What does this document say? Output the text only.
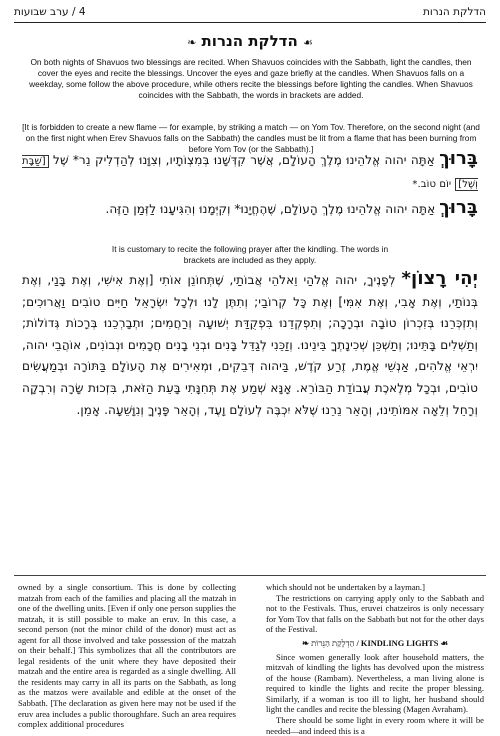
4 / ערב שבועות	הדלקת הנרות
☙ הדלקת הנרות ❧

On both nights of Shavuos two blessings are recited. When Shavuos coincides with the Sabbath, light the candles, then cover the eyes and recite the blessings. Uncover the eyes and gaze briefly at the candles. When Shavuos falls on a weekday, some follow the above procedure, while others recite the blessings before lighting the candles. When Shavuos coincides with the Sabbath, the words in brackets are added.

[It is forbidden to create a new flame — for example, by striking a match — on Yom Tov. Therefore, on the second night (and on the first night when Erev Shavuos falls on the Sabbath) the candles must be lit from a flame that has been burning from before Yom Tov (or the Sabbath).]	בָּרוּךְ אַתָּה יהוה אֱלֹהֵינוּ מֶלֶךְ הָעוֹלָם, אֲשֶׁר קִדְּשָׁנוּ בְּמִצְוֹתָיו, וְצִוָּנוּ לְהַדְלִיק נֵר* שֶׁל [שַׁבָּת וְשֶׁל] יוֹם טוֹב.*

בָּרוּךְ אַתָּה יהוה אֱלֹהֵינוּ מֶלֶךְ הָעוֹלָם, שֶׁהֶחֱיָנוּ* וְקִיְּמָנוּ וְהִגִּיעָנוּ לַזְּמַן הַזֶּה.

It is customary to recite the following prayer after the kindling. The words in brackets are included as they apply.

יְהִי רָצוֹן* לְפָנֶיךָ, יהוה אֱלֹהַי וֵאלֹהֵי אֲבוֹתַי, שֶׁתְּחוֹנֵן אוֹתִי [וְאֶת אִישִׁי, וְאֶת בָּנַי, וְאֶת בְּנוֹתַי, וְאֶת אָבִי, וְאֶת אִמִּי] וְאֶת כָּל קְרוֹבַי; וְתִתֶּן לָנוּ וּלְכָל יִשְׂרָאֵל חַיִּים טוֹבִים וַאֲרוּכִים; וְתִזְכְּרֵנוּ בְּזִכְרוֹן טוֹבָה וּבְרָכָה; וְתִפְקְדֵנוּ בִּפְקֻדַּת יְשׁוּעָה וְרַחֲמִים; וּתְבָרְכֵנוּ בְּרָכוֹת גְּדוֹלוֹת; וְתַשְׁלִים בָּתֵּינוּ; וְתַשְׁכֵּן שְׁכִינָתְךָ בֵּינֵינוּ. וְזַכֵּנִי לְגַדֵּל בָּנִים וּבְנֵי בָנִים חֲכָמִים וּנְבוֹנִים, אוֹהֲבֵי יהוה, יִרְאֵי אֱלֹהִים, אַנְשֵׁי אֱמֶת, זֶרַע קֹדֶשׁ, בַּיהוה דְּבֵקִים, וּמְאִירִים אֶת הָעוֹלָם בַּתּוֹרָה וּבְמַעֲשִׂים טוֹבִים, וּבְכָל מְלֶאכֶת עֲבוֹדַת הַבּוֹרֵא. אָנָּא שְׁמַע אֶת תְּחִנָּתִי בָּעֵת הַזֹּאת, בִּזְכוּת שָׂרָה וְרִבְקָה וְרָחֵל וְלֵאָה אִמּוֹתֵינוּ, וְהָאֵר נֵרֵנוּ שֶׁלֹּא יִכְבֶּה לְעוֹלָם וָעֶד, וְהָאֵר פָּנֶיךָ וְנִוָּשֵׁעָה. אָמֵן.

owned by a single consortium. This is done by collecting matzah from each of the families and placing all the matzah in one of the dwelling units. [Even if only one person supplies the matzah, it is still possible to make an eruv. In this case, a second person (not the minor child of the donor) must act as agent for all those involved and take possession of the matzah on their behalf.] This symbolizes that all the contributors are legal residents of the unit where they have deposited their matzah and the entire area is regarded as a single dwelling. All the residents may carry in all its parts on the Sabbath, as long as the matzos were available and edible at the onset of the Sabbath. [The declaration as given here may not be used if the eruv area includes a public thoroughfare. Such an area requires complex additional procedures

which should not be undertaken by a layman.]

The restrictions on carrying apply only to the Sabbath and not to the Festivals. Thus, eruvei chatzeiros is only necessary for Yom Tov that falls on the Sabbath but not for the other days of the Festival.

❧ הַדְלָקַת הַנֵּרוֹת / KINDLING LIGHTS ☙

Since women generally look after household matters, the mitzvah of kindling the lights has devolved upon the mistress of the house (Rambam). Nevertheless, a man living alone is required to kindle the lights and recite the proper blessing. Similarly, if a woman is too ill to light, her husband should light the candles and recite the blessing (Magen Avraham).

There should be some light in every room where it will be needed—and indeed this is a
